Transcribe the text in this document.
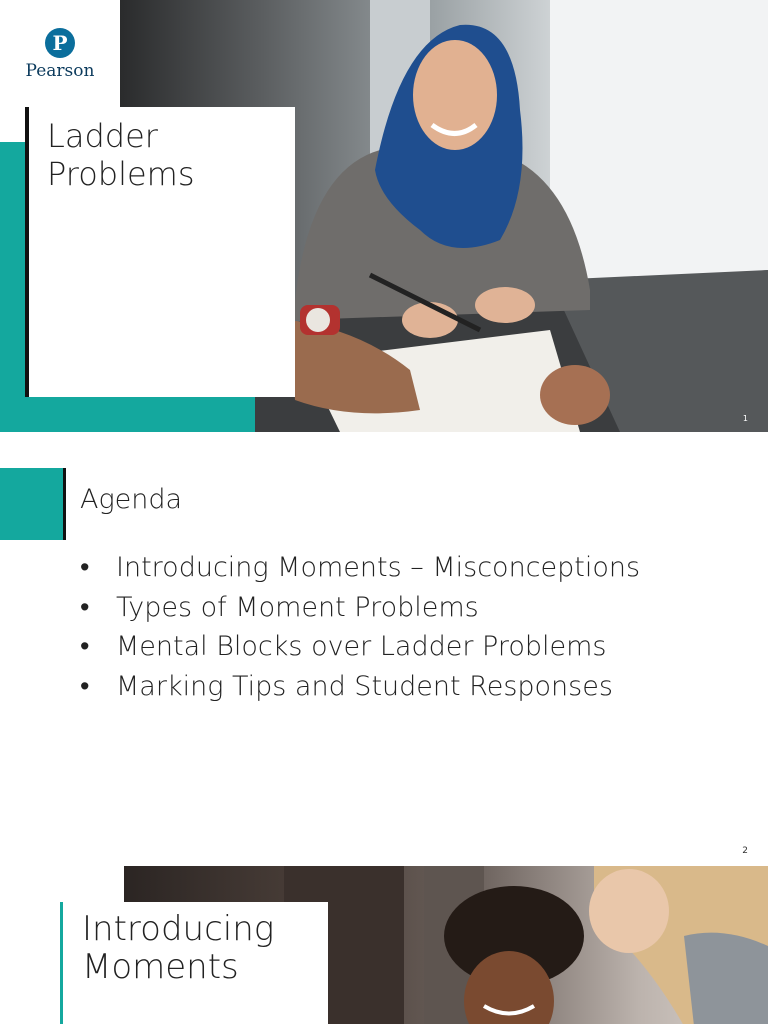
P
Pearson
Ladder Problems
1
Agenda
• Introducing Moments – Misconceptions
• Types of Moment Problems
• Mental Blocks over Ladder Problems
• Marking Tips and Student Responses
2
Introducing Moments
